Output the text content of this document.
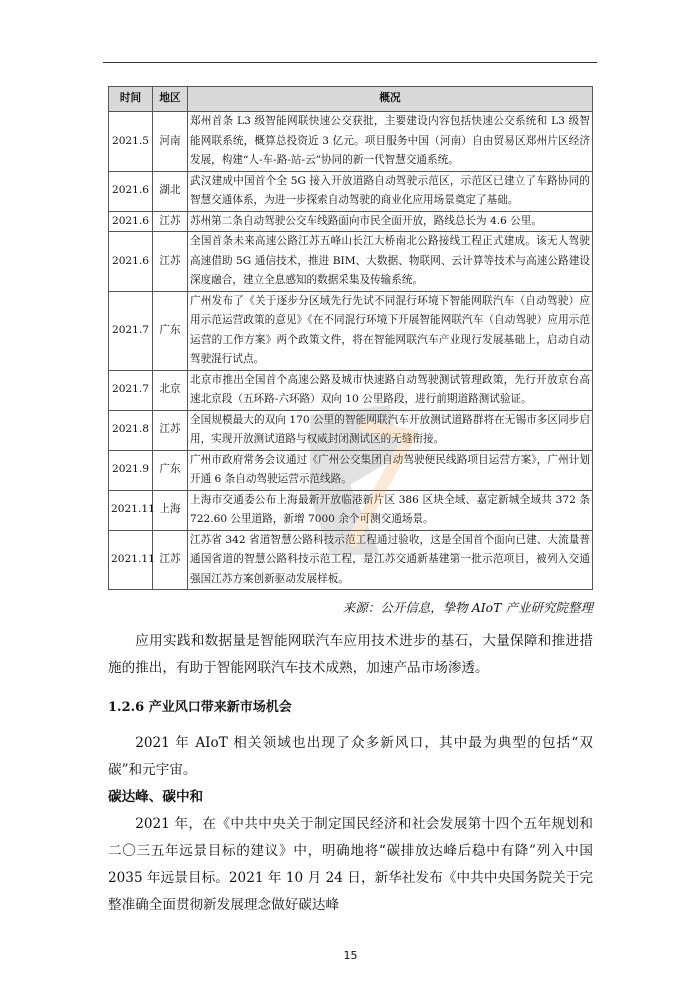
时间	地区	概况
2021.5	河南	郑州首条 L3 级智能网联快速公交获批，主要建设内容包括快速公交系统和 L3 级智能网联系统，概算总投资近 3 亿元。项目服务中国（河南）自由贸易区郑州片区经济发展，构建“人-车-路-站-云”协同的新一代智慧交通系统。
2021.6	湖北	武汉建成中国首个全 5G 接入开放道路自动驾驶示范区，示范区已建立了车路协同的智慧交通体系，为进一步探索自动驾驶的商业化应用场景奠定了基础。
2021.6	江苏	苏州第二条自动驾驶公交车线路面向市民全面开放，路线总长为 4.6 公里。
2021.6	江苏	全国首条未来高速公路江苏五峰山长江大桥南北公路接线工程正式建成。该无人驾驶高速借助 5G 通信技术，推进 BIM、大数据、物联网、云计算等技术与高速公路建设深度融合，建立全息感知的数据采集及传输系统。
2021.7	广东	广州发布了《关于逐步分区域先行先试不同混行环境下智能网联汽车（自动驾驶）应用示范运营政策的意见》《在不同混行环境下开展智能网联汽车（自动驾驶）应用示范运营的工作方案》两个政策文件，将在智能网联汽车产业现行发展基础上，启动自动驾驶混行试点。
2021.7	北京	北京市推出全国首个高速公路及城市快速路自动驾驶测试管理政策，先行开放京台高速北京段（五环路-六环路）双向 10 公里路段，进行前期道路测试验证。
2021.8	江苏	全国规模最大的双向 170 公里的智能网联汽车开放测试道路群将在无锡市多区同步启用，实现开放测试道路与权威封闭测试区的无缝衔接。
2021.9	广东	广州市政府常务会议通过《广州公交集团自动驾驶便民线路项目运营方案》，广州计划开通 6 条自动驾驶运营示范线路。
2021.11	上海	上海市交通委公布上海最新开放临港新片区 386 区块全域、嘉定新城全域共 372 条 722.60 公里道路，新增 7000 余个可测交通场景。
2021.11	江苏	江苏省 342 省道智慧公路科技示范工程通过验收，这是全国首个面向已建、大流量普通国省道的智慧公路科技示范工程，是江苏交通新基建第一批示范项目，被列入交通强国江苏方案创新驱动发展样板。
来源：公开信息，挚物 AIoT 产业研究院整理
应用实践和数据量是智能网联汽车应用技术进步的基石，大量保障和推进措施的推出，有助于智能网联汽车技术成熟，加速产品市场渗透。
1.2.6 产业风口带来新市场机会
2021 年 AIoT 相关领域也出现了众多新风口，其中最为典型的包括“双碳”和元宇宙。
碳达峰、碳中和
2021 年，在《中共中央关于制定国民经济和社会发展第十四个五年规划和二〇三五年远景目标的建议》中，明确地将“碳排放达峰后稳中有降”列入中国 2035 年远景目标。2021 年 10 月 24 日，新华社发布《中共中央国务院关于完整准确全面贯彻新发展理念做好碳达峰
15
